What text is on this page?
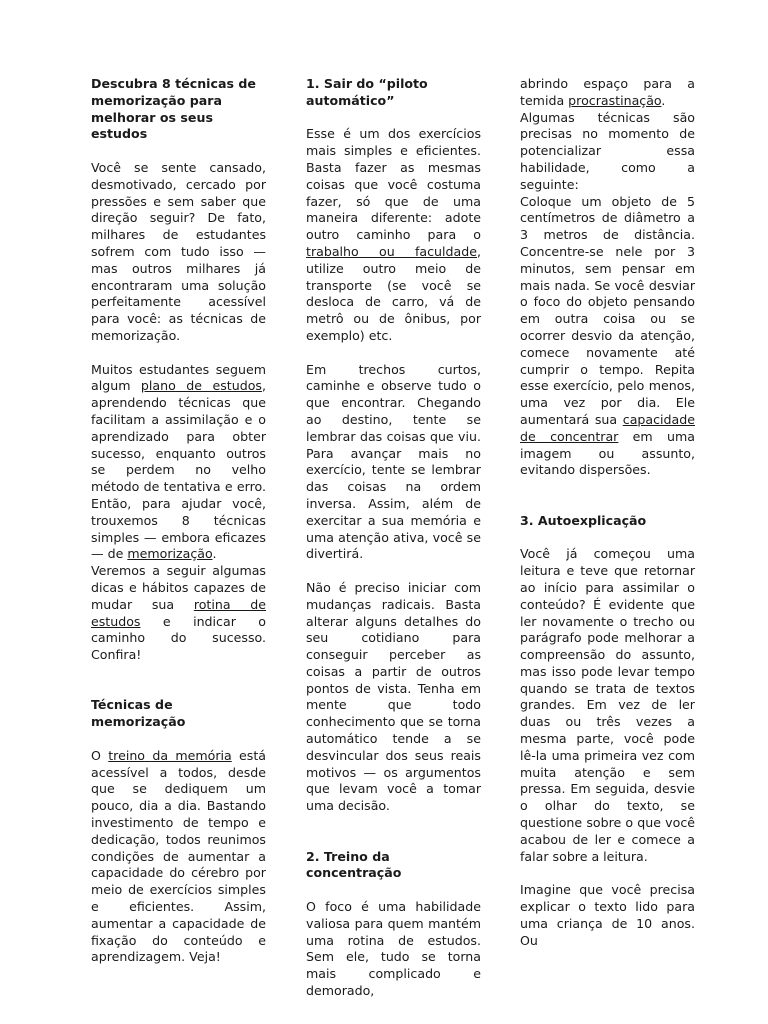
Descubra 8 técnicas de memorização para melhorar os seus estudos

Você se sente cansado, desmotivado, cercado por pressões e sem saber que direção seguir? De fato, milhares de estudantes sofrem com tudo isso — mas outros milhares já encontraram uma solução perfeitamente acessível para você: as técnicas de memorização.

Muitos estudantes seguem algum plano de estudos, aprendendo técnicas que facilitam a assimilação e o aprendizado para obter sucesso, enquanto outros se perdem no velho método de tentativa e erro. Então, para ajudar você, trouxemos 8 técnicas simples — embora eficazes — de memorização.

Veremos a seguir algumas dicas e hábitos capazes de mudar sua rotina de estudos e indicar o caminho do sucesso. Confira!

Técnicas de memorização

O treino da memória está acessível a todos, desde que se dediquem um pouco, dia a dia. Bastando investimento de tempo e dedicação, todos reunimos condições de aumentar a capacidade do cérebro por meio de exercícios simples e eficientes. Assim, aumentar a capacidade de fixação do conteúdo e aprendizagem. Veja!

1. Sair do “piloto automático”

Esse é um dos exercícios mais simples e eficientes. Basta fazer as mesmas coisas que você costuma fazer, só que de uma maneira diferente: adote outro caminho para o trabalho ou faculdade, utilize outro meio de transporte (se você se desloca de carro, vá de metrô ou de ônibus, por exemplo) etc.

Em trechos curtos, caminhe e observe tudo o que encontrar. Chegando ao destino, tente se lembrar das coisas que viu. Para avançar mais no exercício, tente se lembrar das coisas na ordem inversa. Assim, além de exercitar a sua memória e uma atenção ativa, você se divertirá.

Não é preciso iniciar com mudanças radicais. Basta alterar alguns detalhes do seu cotidiano para conseguir perceber as coisas a partir de outros pontos de vista. Tenha em mente que todo conhecimento que se torna automático tende a se desvincular dos seus reais motivos — os argumentos que levam você a tomar uma decisão.

2. Treino da concentração

O foco é uma habilidade valiosa para quem mantém uma rotina de estudos. Sem ele, tudo se torna mais complicado e demorado,

abrindo espaço para a temida procrastinação.

Algumas técnicas são precisas no momento de potencializar essa habilidade, como a seguinte:

Coloque um objeto de 5 centímetros de diâmetro a 3 metros de distância. Concentre-se nele por 3 minutos, sem pensar em mais nada. Se você desviar o foco do objeto pensando em outra coisa ou se ocorrer desvio da atenção, comece novamente até cumprir o tempo. Repita esse exercício, pelo menos, uma vez por dia. Ele aumentará sua capacidade de concentrar em uma imagem ou assunto, evitando dispersões.

3. Autoexplicação

Você já começou uma leitura e teve que retornar ao início para assimilar o conteúdo? É evidente que ler novamente o trecho ou parágrafo pode melhorar a compreensão do assunto, mas isso pode levar tempo quando se trata de textos grandes. Em vez de ler duas ou três vezes a mesma parte, você pode lê-la uma primeira vez com muita atenção e sem pressa. Em seguida, desvie o olhar do texto, se questione sobre o que você acabou de ler e comece a falar sobre a leitura.

Imagine que você precisa explicar o texto lido para uma criança de 10 anos. Ou
